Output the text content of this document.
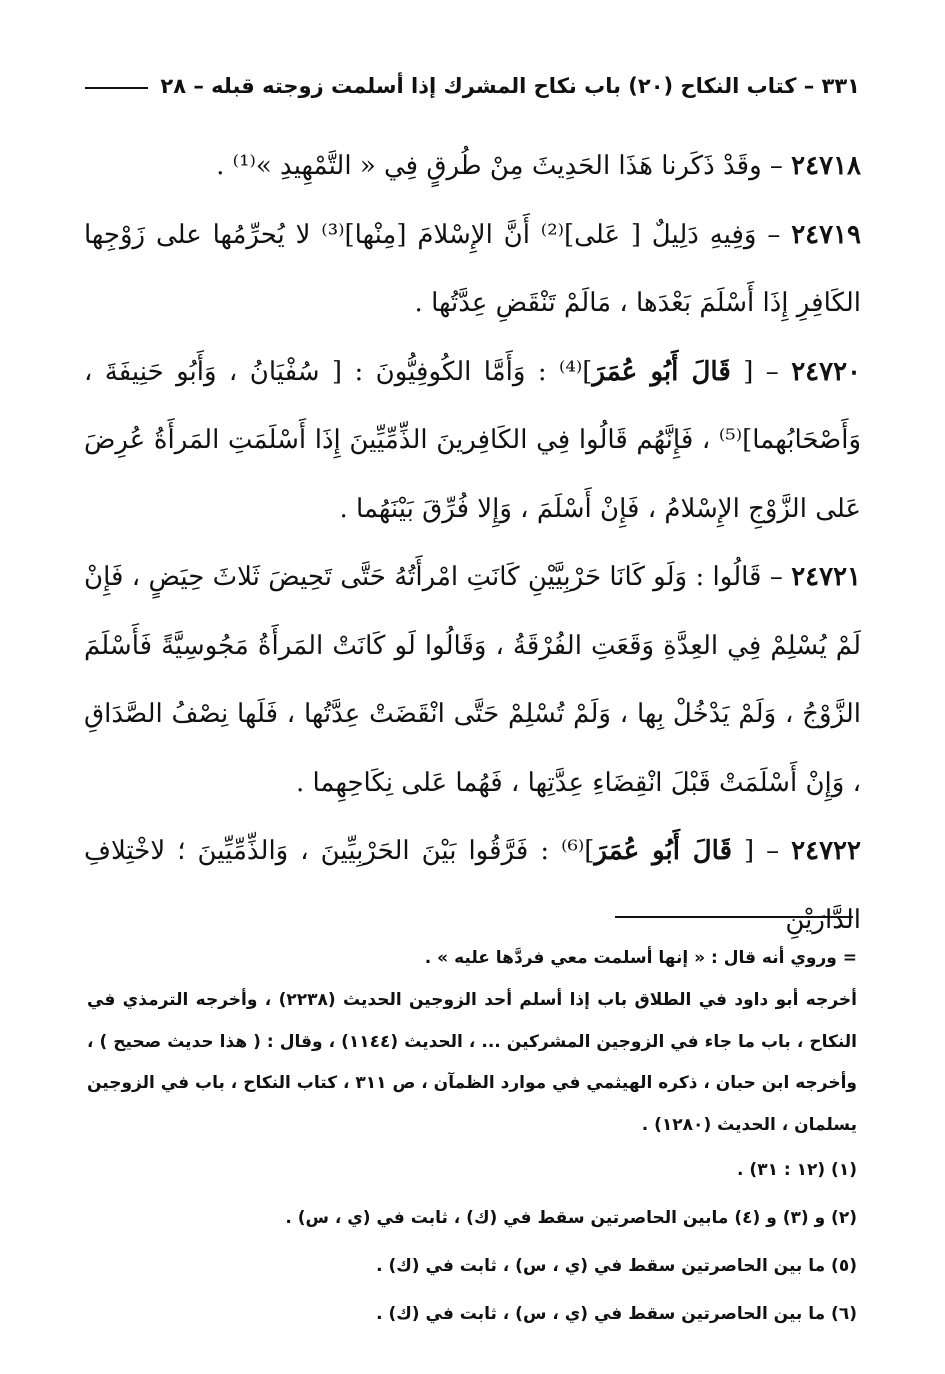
٣٣١ – كتاب النكاح (٢٠) باب نكاح المشرك إذا أسلمت زوجته قبله – ٢٨

٢٤٧١٨ – وقَدْ ذَكَرنا هَذَا الحَدِيثَ مِنْ طُرقٍ فِي « التَّمْهِيدِ »⁽¹⁾ .

٢٤٧١٩ – وَفِيهِ دَلِيلٌ [ عَلى]⁽²⁾ أَنَّ الإِسْلامَ [مِنْها]⁽³⁾ لا يُحرِّمُها على زَوْجِها الكَافِرِ إِذَا أَسْلَمَ بَعْدَها ، مَالَمْ تَنْقَضِ عِدَّتُها .

٢٤٧٢٠ – [ قَالَ أَبُو عُمَرَ]⁽⁴⁾ : وَأَمَّا الكُوفِيُّونَ : [ سُفْيَانُ ، وَأَبُو حَنِيفَةَ ، وَأَصْحَابُهما]⁽⁵⁾ ، فَإِنَّهُم قَالُوا فِي الكَافِرينَ الذِّمِّيِّينَ إِذَا أَسْلَمَتِ المَرأَةُ عُرِضَ عَلى الزَّوْجِ الإِسْلامُ ، فَإِنْ أَسْلَمَ ، وَإِلا فُرِّقَ بَيْنَهُما .

٢٤٧٢١ – قَالُوا : وَلَو كَانَا حَرْبِيَّيْنِ كَانَتِ امْرأَتُهُ حَتَّى تَحِيضَ ثَلاثَ حِيَضٍ ، فَإِنْ لَمْ يُسْلِمْ فِي العِدَّةِ وَقَعَتِ الفُرْقَةُ ، وَقَالُوا لَو كَانَتْ المَرأَةُ مَجُوسِيَّةً فَأَسْلَمَ الزَّوْجُ ، وَلَمْ يَدْخُلْ بِها ، وَلَمْ تُسْلِمْ حَتَّى انْقَضَتْ عِدَّتُها ، فَلَها نِصْفُ الصَّدَاقِ ، وَإِنْ أَسْلَمَتْ قَبْلَ انْقِضَاءِ عِدَّتِها ، فَهُما عَلى نِكَاحِهِما .

٢٤٧٢٢ – [ قَالَ أَبُو عُمَرَ]⁽⁶⁾ : فَرَّقُوا بَيْنَ الحَرْبِيِّينَ ، وَالذِّمِّيِّينَ ؛ لاخْتِلافِ الدَّارَيْنِ

= وروي أنه قال : « إنها أسلمت معي فردَّها عليه » .

أخرجه أبو داود في الطلاق باب إذا أسلم أحد الزوجين الحديث (٢٢٣٨) ، وأخرجه الترمذي في النكاح ، باب ما جاء في الزوجين المشركين ... ، الحديث (١١٤٤) ، وقال : ( هذا حديث صحيح ) ، وأخرجه ابن حبان ، ذكره الهيثمي في موارد الظمآن ، ص ٣١١ ، كتاب النكاح ، باب في الزوجين يسلمان ، الحديث (١٢٨٠) .

(١) (١٢ : ٣١) .

(٢) و (٣) و (٤) مابين الحاصرتين سقط في (ك) ، ثابت في (ي ، س) .

(٥) ما بين الحاصرتين سقط في (ي ، س) ، ثابت في (ك) .

(٦) ما بين الحاصرتين سقط في (ي ، س) ، ثابت في (ك) .
